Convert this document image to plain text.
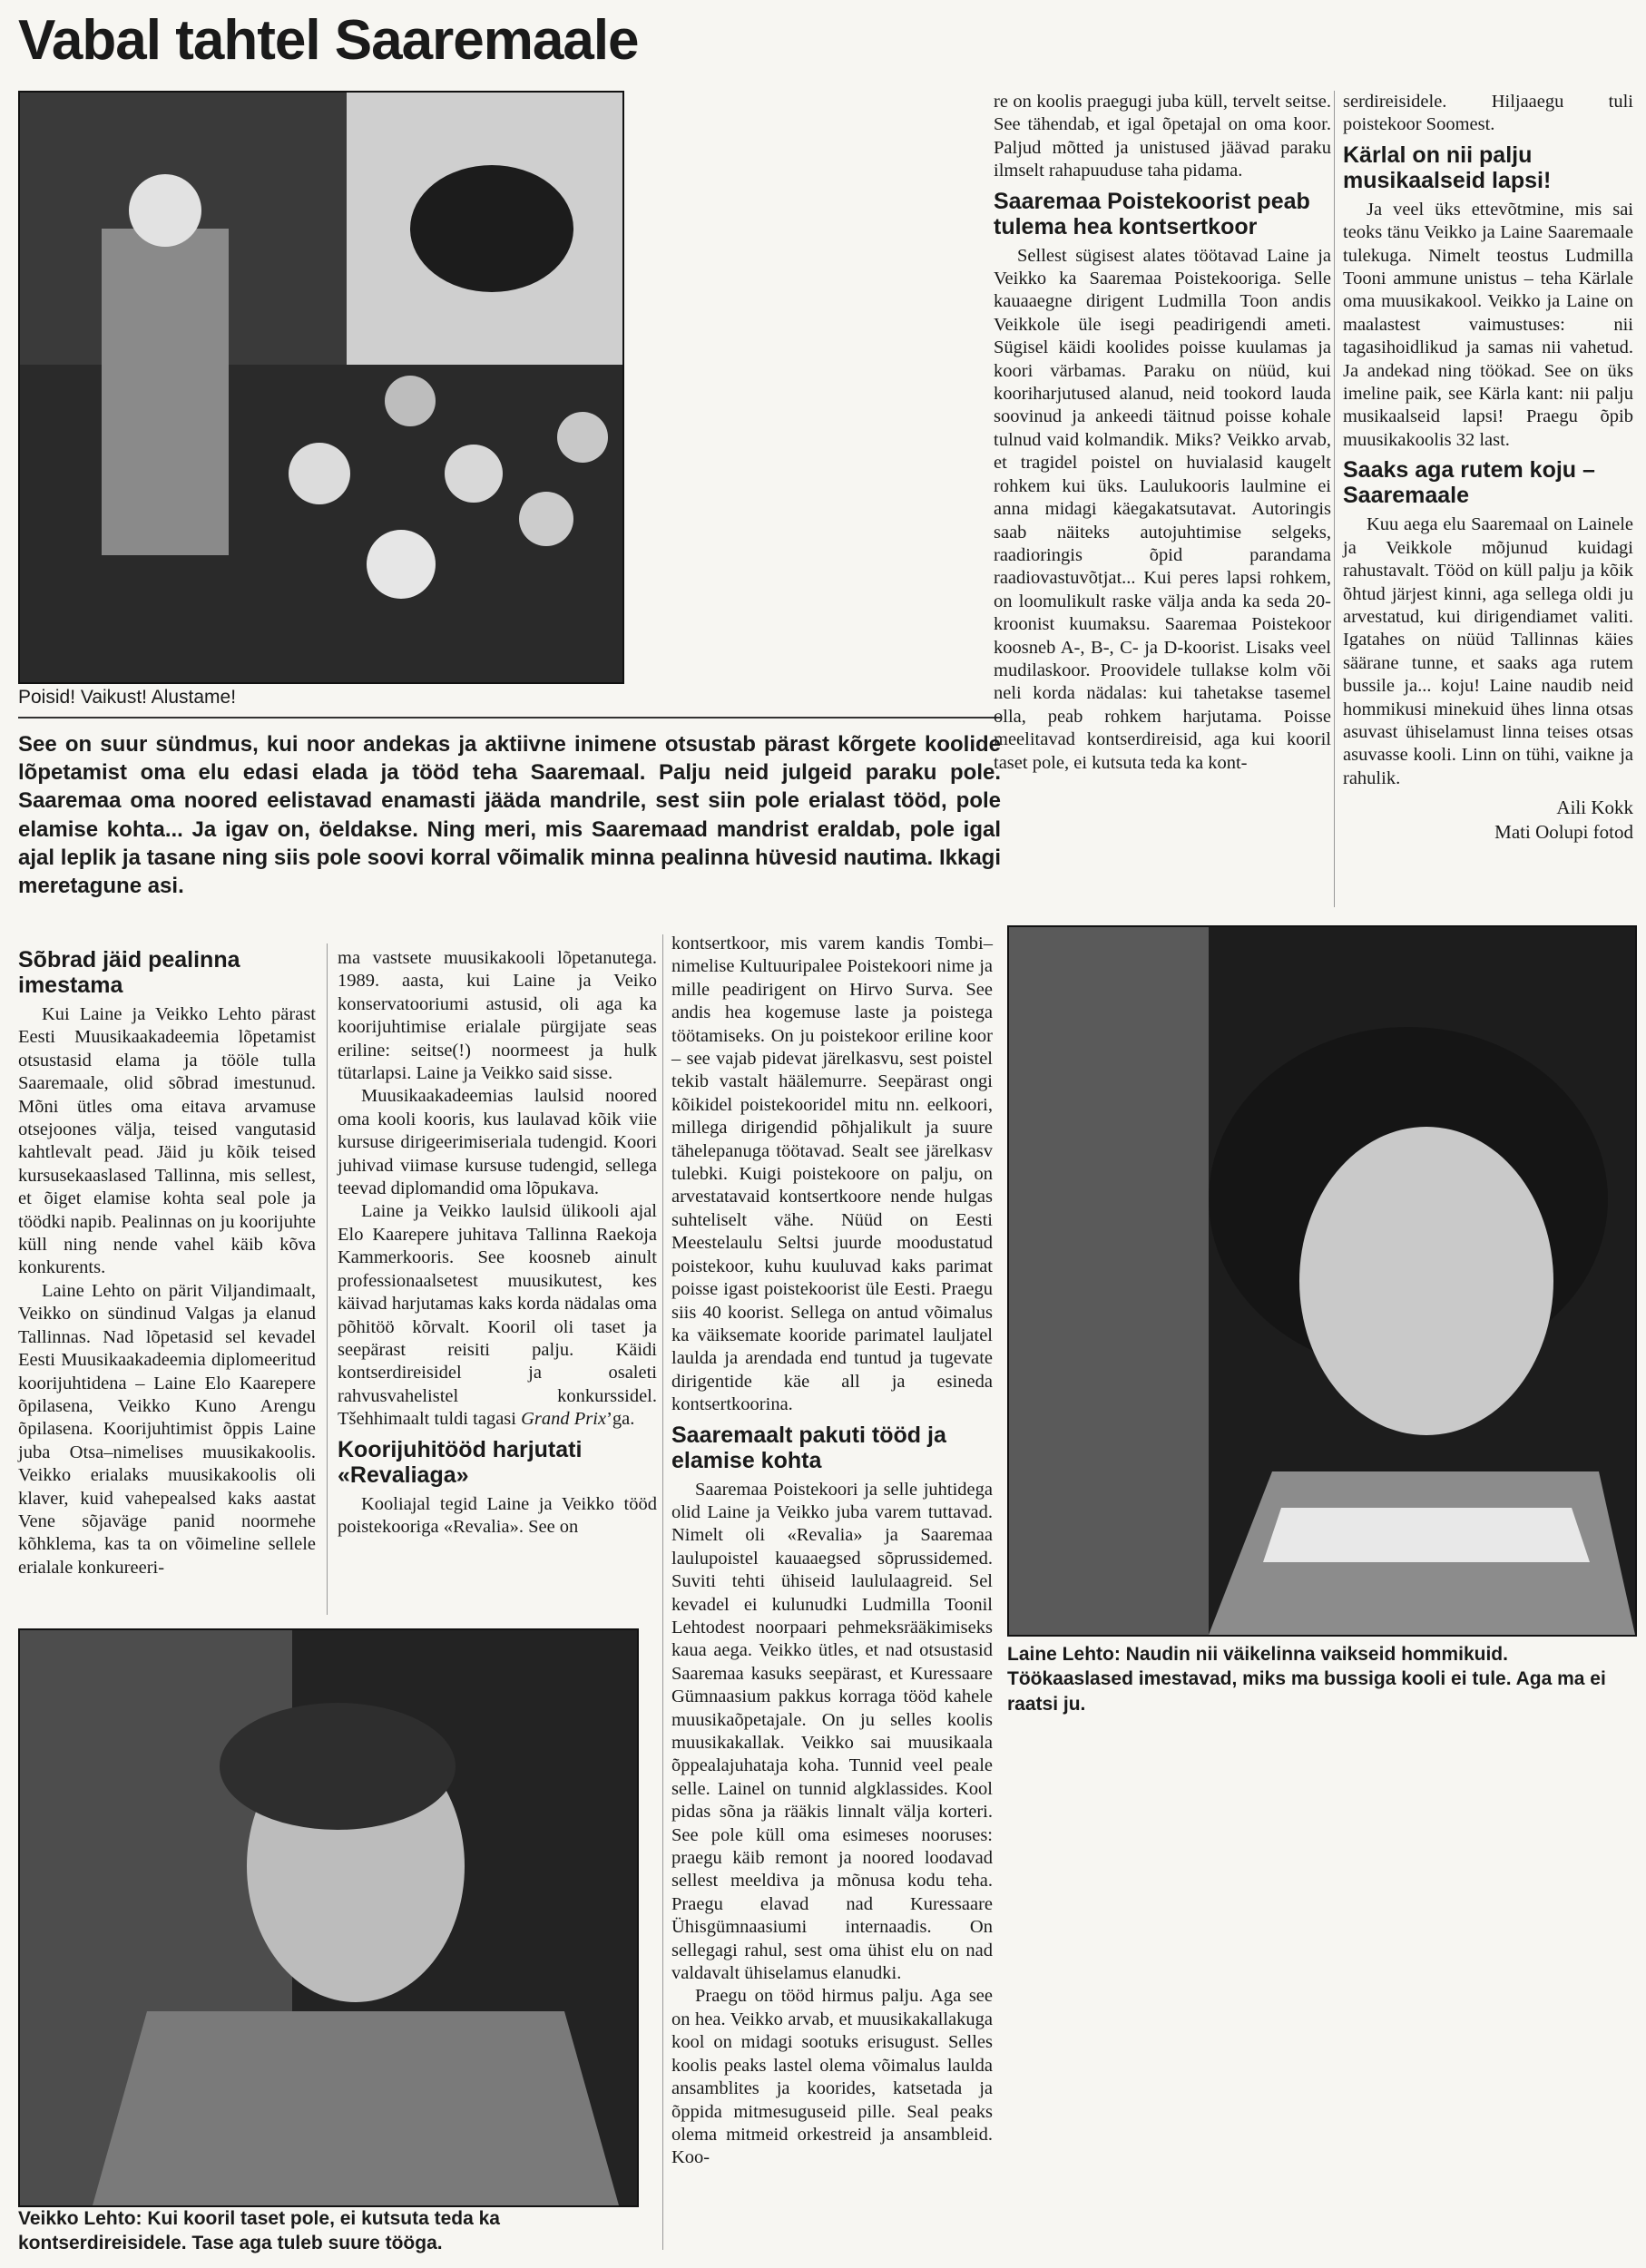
Vabal tahtel Saaremaale
Poisid! Vaikust! Alustame!
See on suur sündmus, kui noor andekas ja aktiivne inimene otsustab pärast kõrgete koolide lõpetamist oma elu edasi elada ja tööd teha Saaremaal. Palju neid julgeid paraku pole. Saaremaa oma noored eelistavad enamasti jääda mandrile, sest siin pole erialast tööd, pole elamise kohta... Ja igav on, öeldakse. Ning meri, mis Saaremaad mandrist eraldab, pole igal ajal leplik ja tasane ning siis pole soovi korral võimalik minna pealinna hüvesid nautima. Ikkagi meretagune asi.
Sõbrad jäid pealinna imestama

Kui Laine ja Veikko Lehto pärast Eesti Muusikaakadeemia lõpetamist otsustasid elama ja tööle tulla Saaremaale, olid sõbrad imestunud. Mõni ütles oma eitava arvamuse otsejoones välja, teised vangutasid kahtlevalt pead. Jäid ju kõik teised kursusekaaslased Tallinna, mis sellest, et õiget elamise kohta seal pole ja töödki napib. Pealinnas on ju koorijuhte küll ning nende vahel käib kõva konkurents.

Laine Lehto on pärit Viljandimaalt, Veikko on sündinud Valgas ja elanud Tallinnas. Nad lõpetasid sel kevadel Eesti Muusikaakadeemia diplomeeritud koorijuhtidena – Laine Elo Kaarepere õpilasena, Veikko Kuno Arengu õpilasena. Koorijuhtimist õppis Laine juba Otsa–nimelises muusikakoolis. Veikko erialaks muusikakoolis oli klaver, kuid vahepealsed kaks aastat Vene sõjaväge panid noormehe kõhklema, kas ta on võimeline sellele erialale konkureeri-

ma vastsete muusikakooli lõpetanutega. 1989. aasta, kui Laine ja Veiko konservatooriumi astusid, oli aga ka koorijuhtimise erialale pürgijate seas eriline: seitse(!) noormeest ja hulk tütarlapsi. Laine ja Veikko said sisse.

Muusikaakadeemias laulsid noored oma kooli kooris, kus laulavad kõik viie kursuse dirigeerimiseriala tudengid. Koori juhivad viimase kursuse tudengid, sellega teevad diplomandid oma lõpukava.

Laine ja Veikko laulsid ülikooli ajal Elo Kaarepere juhitava Tallinna Raekoja Kammerkooris. See koosneb ainult professionaalsetest muusikutest, kes käivad harjutamas kaks korda nädalas oma põhitöö kõrvalt. Kooril oli taset ja seepärast reisiti palju. Käidi kontserdireisidel ja osaleti rahvusvahelistel konkurssidel. Tšehhimaalt tuldi tagasi Grand Prix’ga.

Koorijuhitööd harjutati «Revaliaga»

Kooliajal tegid Laine ja Veikko tööd poistekooriga «Revalia». See on

Veikko Lehto: Kui kooril taset pole, ei kutsuta teda ka kontserdireisidele. Tase aga tuleb suure tööga.

re on koolis praegugi juba küll, tervelt seitse. See tähendab, et igal õpetajal on oma koor. Paljud mõtted ja unistused jäävad paraku ilmselt rahapuuduse taha pidama.

Saaremaa Poistekoorist peab tulema hea kontsertkoor

Sellest sügisest alates töötavad Laine ja Veikko ka Saaremaa Poistekooriga. Selle kauaaegne dirigent Ludmilla Toon andis Veikkole üle isegi peadirigendi ameti. Sügisel käidi koolides poisse kuulamas ja koori värbamas. Paraku on nüüd, kui kooriharjutused alanud, neid tookord lauda soovinud ja ankeedi täitnud poisse kohale tulnud vaid kolmandik. Miks? Veikko arvab, et tragidel poistel on huvialasid kaugelt rohkem kui üks. Laulukooris laulmine ei anna midagi käegakatsutavat. Autoringis saab näiteks autojuhtimise selgeks, raadioringis õpid parandama raadiovastuvõtjat... Kui peres lapsi rohkem, on loomulikult raske välja anda ka seda 20-kroonist kuumaksu. Saaremaa Poistekoor koosneb A-, B-, C- ja D-koorist. Lisaks veel mudilaskoor. Proovidele tullakse kolm või neli korda nädalas: kui tahetakse tasemel olla, peab rohkem harjutama. Poisse meelitavad kontserdireisid, aga kui kooril taset pole, ei kutsuta teda ka kont-

kontsertkoor, mis varem kandis Tombi–nimelise Kultuuripalee Poistekoori nime ja mille peadirigent on Hirvo Surva. See andis hea kogemuse laste ja poistega töötamiseks. On ju poistekoor eriline koor – see vajab pidevat järelkasvu, sest poistel tekib vastalt häälemurre. Seepärast ongi kõikidel poistekooridel mitu nn. eelkoori, millega dirigendid põhjalikult ja suure tähelepanuga töötavad. Sealt see järelkasv tulebki. Kuigi poistekoore on palju, on arvestatavaid kontsertkoore nende hulgas suhteliselt vähe. Nüüd on Eesti Meestelaulu Seltsi juurde moodustatud poistekoor, kuhu kuuluvad kaks parimat poisse igast poistekoorist üle Eesti. Praegu siis 40 koorist. Sellega on antud võimalus ka väiksemate kooride parimatel lauljatel laulda ja arendada end tuntud ja tugevate dirigentide käe all ja esineda kontsertkoorina.

Saaremaalt pakuti tööd ja elamise kohta

Saaremaa Poistekoori ja selle juhtidega olid Laine ja Veikko juba varem tuttavad. Nimelt oli «Revalia» ja Saaremaa laulupoistel kauaaegsed sõprussidemed. Suviti tehti ühiseid laululaagreid. Sel kevadel ei kulunudki Ludmilla Toonil Lehtodest noorpaari pehmeksrääkimiseks kaua aega. Veikko ütles, et nad otsustasid Saaremaa kasuks seepärast, et Kuressaare Gümnaasium pakkus korraga tööd kahele muusikaõpetajale. On ju selles koolis muusikakallak. Veikko sai muusikaala õppealajuhataja koha. Tunnid veel peale selle. Lainel on tunnid algklassides. Kool pidas sõna ja rääkis linnalt välja korteri. See pole küll oma esimeses nooruses: praegu käib remont ja noored loodavad sellest meeldiva ja mõnusa kodu teha. Praegu elavad nad Kuressaare Ühisgümnaasiumi internaadis. On sellegagi rahul, sest oma ühist elu on nad valdavalt ühiselamus elanudki.

Praegu on tööd hirmus palju. Aga see on hea. Veikko arvab, et muusikakallakuga kool on midagi sootuks erisugust. Selles koolis peaks lastel olema võimalus laulda ansamblites ja koorides, katsetada ja õppida mitmesuguseid pille. Seal peaks olema mitmeid orkestreid ja ansambleid. Koo-

serdireisidele. Hiljaaegu tuli poistekoor Soomest.

Kärlal on nii palju musikaalseid lapsi!

Ja veel üks ettevõtmine, mis sai teoks tänu Veikko ja Laine Saaremaale tulekuga. Nimelt teostus Ludmilla Tooni ammune unistus – teha Kärlale oma muusikakool. Veikko ja Laine on maalastest vaimustuses: nii tagasihoidlikud ja samas nii vahetud. Ja andekad ning töökad. See on üks imeline paik, see Kärla kant: nii palju musikaalseid lapsi! Praegu õpib muusikakoolis 32 last.

Saaks aga rutem koju – Saaremaale

Kuu aega elu Saaremaal on Lainele ja Veikkole mõjunud kuidagi rahustavalt. Tööd on küll palju ja kõik õhtud järjest kinni, aga sellega oldi ju arvestatud, kui dirigendiamet valiti. Igatahes on nüüd Tallinnas käies säärane tunne, et saaks aga rutem bussile ja... koju! Laine naudib neid hommikusi minekuid ühes linna otsas asuvast ühiselamust linna teises otsas asuvasse kooli. Linn on tühi, vaikne ja rahulik.

Aili Kokk
Mati Oolupi fotod
Laine Lehto: Naudin nii väikelinna vaikseid hommikuid. Töökaaslased imestavad, miks ma bussiga kooli ei tule. Aga ma ei raatsi ju.
